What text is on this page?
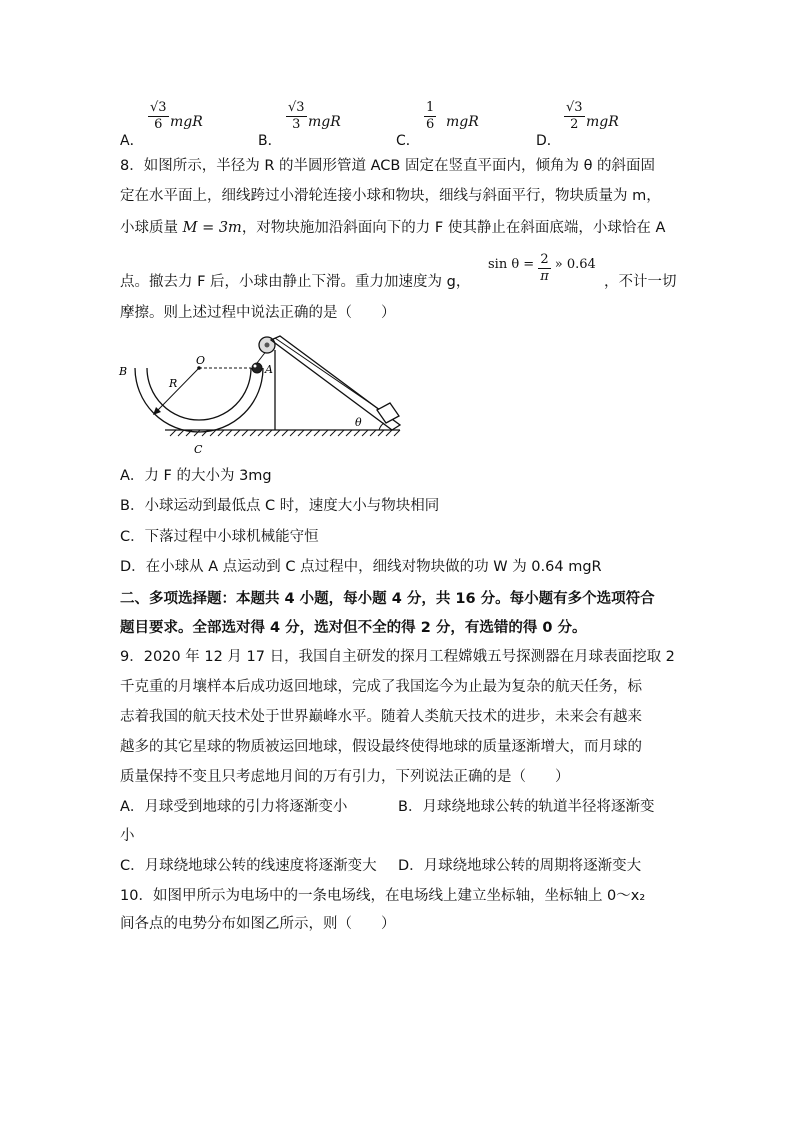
A．
$\frac{√3}{6}$ mgR
B．
$\frac{√3}{3}$ mgR
C．
$\frac{1}{6}$ mgR
D．
$\frac{√3}{2}$ mgR
8．如图所示，半径为 R 的半圆形管道 ACB 固定在竖直平面内，倾角为 θ 的斜面固
定在水平面上，细线跨过小滑轮连接小球和物块，细线与斜面平行，物块质量为 m，
小球质量 M = 3m，对物块施加沿斜面向下的力 F 使其静止在斜面底端，小球恰在 A
点。撤去力 F 后，小球由静止下滑。重力加速度为 g，
$\sin \theta = \frac{2}{\pi}$ » 0.64
，不计一切
摩擦。则上述过程中说法正确的是（　　）
B
O
A
R
C
θ
A．力 F 的大小为 3mg
B．小球运动到最低点 C 时，速度大小与物块相同
C．下落过程中小球机械能守恒
D．在小球从 A 点运动到 C 点过程中，细线对物块做的功 W 为 0.64 mgR
二、多项选择题：本题共 4 小题，每小题 4 分，共 16 分。每小题有多个选项符合
题目要求。全部选对得 4 分，选对但不全的得 2 分，有选错的得 0 分。
9．2020 年 12 月 17 日，我国自主研发的探月工程嫦娥五号探测器在月球表面挖取 2
千克重的月壤样本后成功返回地球，完成了我国迄今为止最为复杂的航天任务，标
志着我国的航天技术处于世界巅峰水平。随着人类航天技术的进步，未来会有越来
越多的其它星球的物质被运回地球，假设最终使得地球的质量逐渐增大，而月球的
质量保持不变且只考虑地月间的万有引力，下列说法正确的是（　　）
A．月球受到地球的引力将逐渐变小	B．月球绕地球公转的轨道半径将逐渐变
小
C．月球绕地球公转的线速度将逐渐变大 D．月球绕地球公转的周期将逐渐变大
10．如图甲所示为电场中的一条电场线，在电场线上建立坐标轴，坐标轴上 0～x₂
间各点的电势分布如图乙所示，则（　　）
